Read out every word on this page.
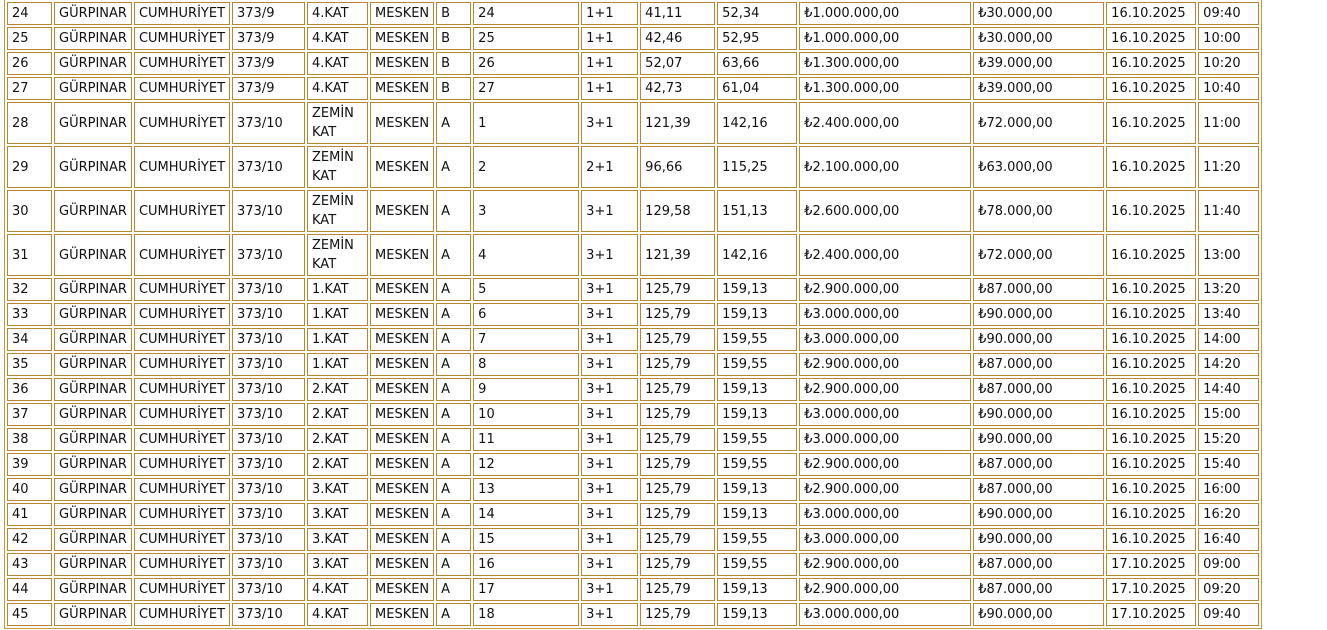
24	GÜRPINAR	CUMHURİYET	373/9	4.KAT	MESKEN	B	24	1+1	41,11	52,34	₺1.000.000,00	₺30.000,00	16.10.2025	09:40
25	GÜRPINAR	CUMHURİYET	373/9	4.KAT	MESKEN	B	25	1+1	42,46	52,95	₺1.000.000,00	₺30.000,00	16.10.2025	10:00
26	GÜRPINAR	CUMHURİYET	373/9	4.KAT	MESKEN	B	26	1+1	52,07	63,66	₺1.300.000,00	₺39.000,00	16.10.2025	10:20
27	GÜRPINAR	CUMHURİYET	373/9	4.KAT	MESKEN	B	27	1+1	42,73	61,04	₺1.300.000,00	₺39.000,00	16.10.2025	10:40
28	GÜRPINAR	CUMHURİYET	373/10	ZEMİN KAT	MESKEN	A	1	3+1	121,39	142,16	₺2.400.000,00	₺72.000,00	16.10.2025	11:00
29	GÜRPINAR	CUMHURİYET	373/10	ZEMİN KAT	MESKEN	A	2	2+1	96,66	115,25	₺2.100.000,00	₺63.000,00	16.10.2025	11:20
30	GÜRPINAR	CUMHURİYET	373/10	ZEMİN KAT	MESKEN	A	3	3+1	129,58	151,13	₺2.600.000,00	₺78.000,00	16.10.2025	11:40
31	GÜRPINAR	CUMHURİYET	373/10	ZEMİN KAT	MESKEN	A	4	3+1	121,39	142,16	₺2.400.000,00	₺72.000,00	16.10.2025	13:00
32	GÜRPINAR	CUMHURİYET	373/10	1.KAT	MESKEN	A	5	3+1	125,79	159,13	₺2.900.000,00	₺87.000,00	16.10.2025	13:20
33	GÜRPINAR	CUMHURİYET	373/10	1.KAT	MESKEN	A	6	3+1	125,79	159,13	₺3.000.000,00	₺90.000,00	16.10.2025	13:40
34	GÜRPINAR	CUMHURİYET	373/10	1.KAT	MESKEN	A	7	3+1	125,79	159,55	₺3.000.000,00	₺90.000,00	16.10.2025	14:00
35	GÜRPINAR	CUMHURİYET	373/10	1.KAT	MESKEN	A	8	3+1	125,79	159,55	₺2.900.000,00	₺87.000,00	16.10.2025	14:20
36	GÜRPINAR	CUMHURİYET	373/10	2.KAT	MESKEN	A	9	3+1	125,79	159,13	₺2.900.000,00	₺87.000,00	16.10.2025	14:40
37	GÜRPINAR	CUMHURİYET	373/10	2.KAT	MESKEN	A	10	3+1	125,79	159,13	₺3.000.000,00	₺90.000,00	16.10.2025	15:00
38	GÜRPINAR	CUMHURİYET	373/10	2.KAT	MESKEN	A	11	3+1	125,79	159,55	₺3.000.000,00	₺90.000,00	16.10.2025	15:20
39	GÜRPINAR	CUMHURİYET	373/10	2.KAT	MESKEN	A	12	3+1	125,79	159,55	₺2.900.000,00	₺87.000,00	16.10.2025	15:40
40	GÜRPINAR	CUMHURİYET	373/10	3.KAT	MESKEN	A	13	3+1	125,79	159,13	₺2.900.000,00	₺87.000,00	16.10.2025	16:00
41	GÜRPINAR	CUMHURİYET	373/10	3.KAT	MESKEN	A	14	3+1	125,79	159,13	₺3.000.000,00	₺90.000,00	16.10.2025	16:20
42	GÜRPINAR	CUMHURİYET	373/10	3.KAT	MESKEN	A	15	3+1	125,79	159,55	₺3.000.000,00	₺90.000,00	16.10.2025	16:40
43	GÜRPINAR	CUMHURİYET	373/10	3.KAT	MESKEN	A	16	3+1	125,79	159,55	₺2.900.000,00	₺87.000,00	17.10.2025	09:00
44	GÜRPINAR	CUMHURİYET	373/10	4.KAT	MESKEN	A	17	3+1	125,79	159,13	₺2.900.000,00	₺87.000,00	17.10.2025	09:20
45	GÜRPINAR	CUMHURİYET	373/10	4.KAT	MESKEN	A	18	3+1	125,79	159,13	₺3.000.000,00	₺90.000,00	17.10.2025	09:40
